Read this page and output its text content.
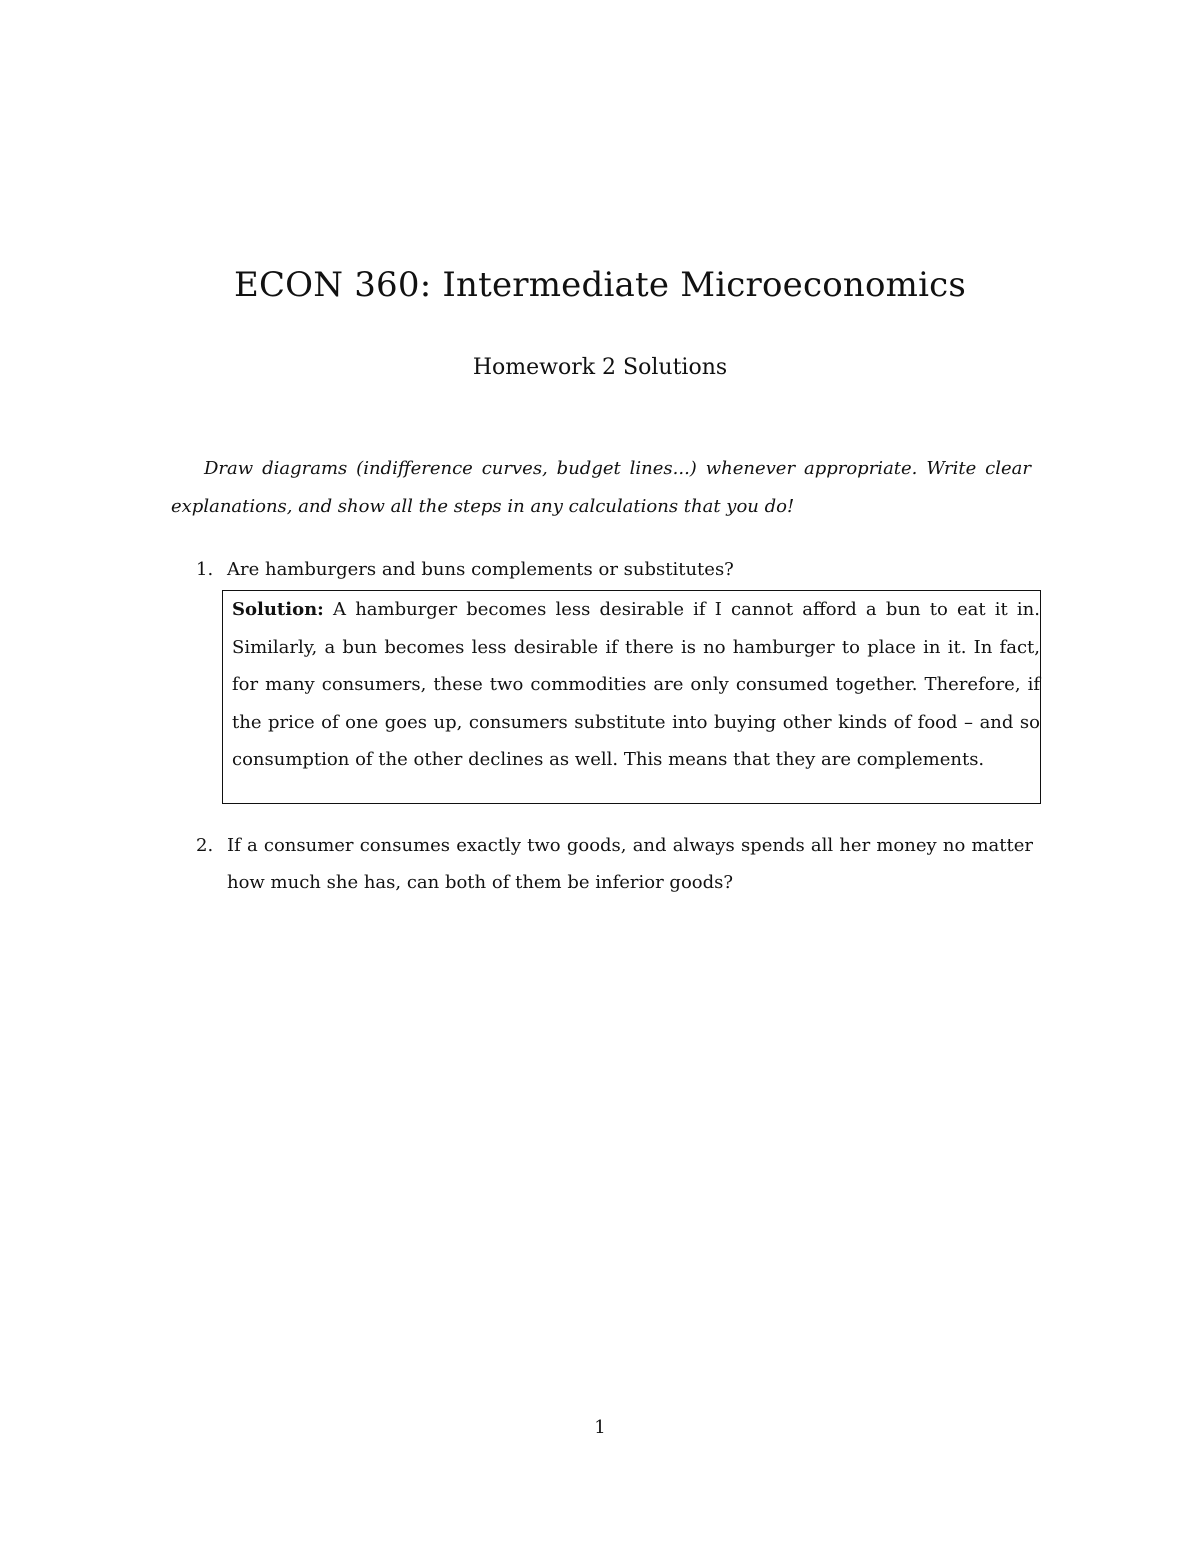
ECON 360: Intermediate Microeconomics
Homework 2 Solutions
Draw diagrams (indifference curves, budget lines...) whenever appropriate. Write clear explanations, and show all the steps in any calculations that you do!
1. Are hamburgers and buns complements or substitutes?
Solution: A hamburger becomes less desirable if I cannot afford a bun to eat it in. Similarly, a bun becomes less desirable if there is no hamburger to place in it. In fact, for many consumers, these two commodities are only consumed together. Therefore, if the price of one goes up, consumers substitute into buying other kinds of food – and so consumption of the other declines as well. This means that they are complements.
2. If a consumer consumes exactly two goods, and always spends all her money no matter how much she has, can both of them be inferior goods?
1
